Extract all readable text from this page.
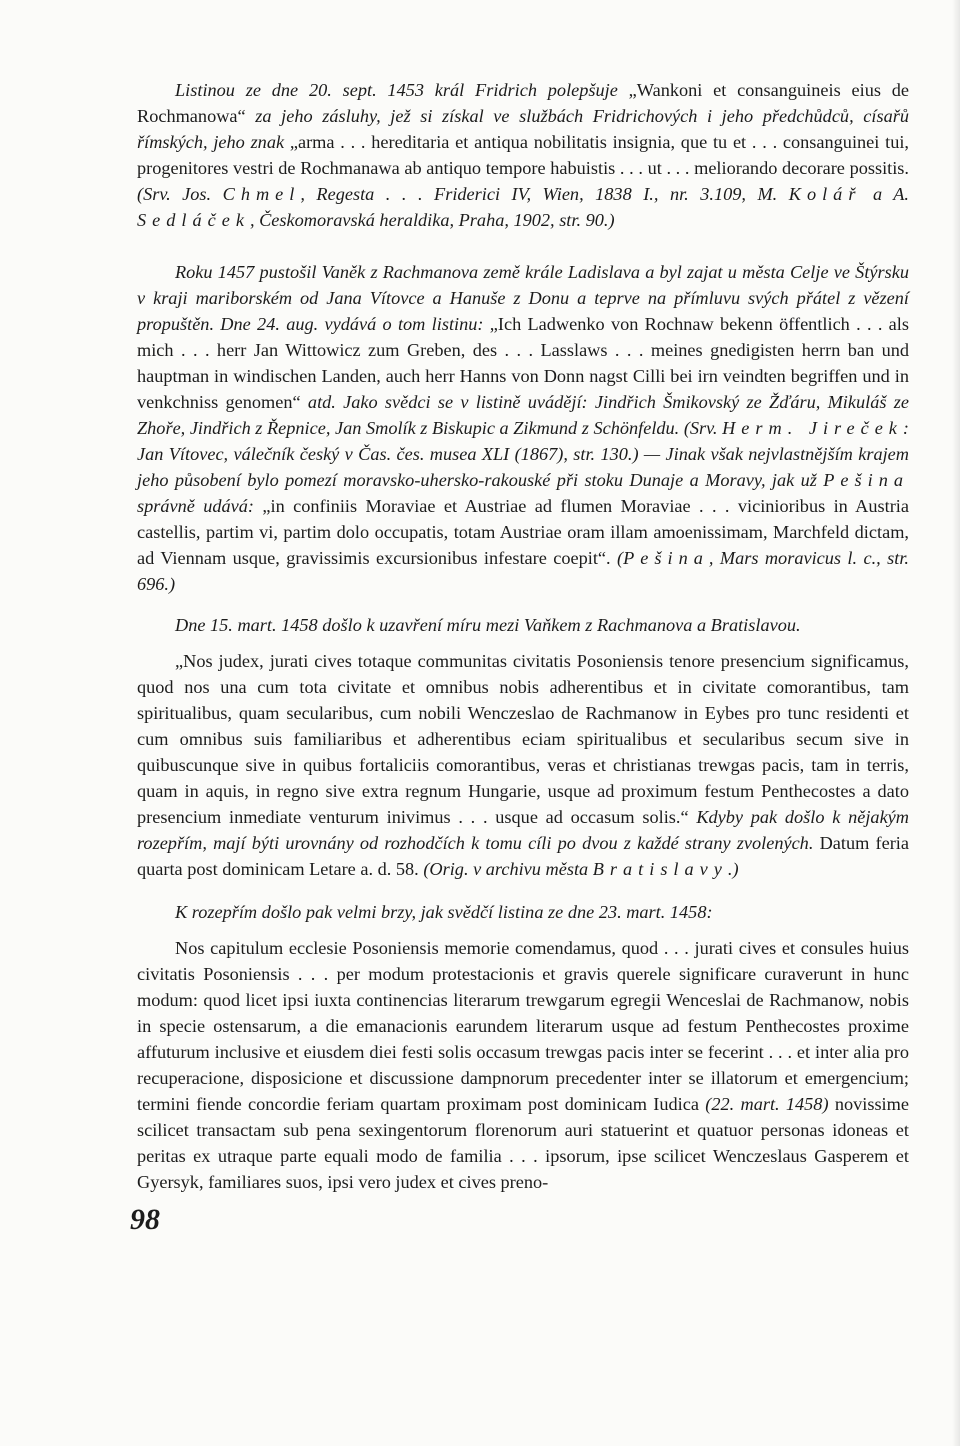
Listinou ze dne 20. sept. 1453 král Fridrich polepšuje „Wankoni et consanguineis eius de Rochmanowa“ za jeho zásluhy, jež si získal ve službách Fridrichových i jeho předchůdců, císařů římských, jeho znak „arma . . . hereditaria et antiqua nobilitatis insignia, que tu et . . . consanguinei tui, progenitores vestri de Rochmanawa ab antiquo tempore habuistis . . . ut . . . meliorando decorare possitis. (Srv. Jos. Chmel, Regesta . . . Friderici IV, Wien, 1838 I., nr. 3.109, M. Kolář a A. Sedláček, Českomoravská heraldika, Praha, 1902, str. 90.)

Roku 1457 pustošil Vaněk z Rachmanova země krále Ladislava a byl zajat u města Celje ve Štýrsku v kraji mariborském od Jana Vítovce a Hanuše z Donu a teprve na přímluvu svých přátel z vězení propuštěn. Dne 24. aug. vydává o tom listinu: „Ich Ladwenko von Rochnaw bekenn öffentlich . . . als mich . . . herr Jan Wittowicz zum Greben, des . . . Lasslaws . . . meines gnedigisten herrn ban und hauptman in windischen Landen, auch herr Hanns von Donn nagst Cilli bei irn veindten begriffen und in venkchniss genomen“ atd. Jako svědci se v listině uvádějí: Jindřich Šmikovský ze Žďáru, Mikuláš ze Zhoře, Jindřich z Řepnice, Jan Smolík z Biskupic a Zikmund z Schönfeldu. (Srv. Herm. Jireček: Jan Vítovec, válečník český v Čas. čes. musea XLI (1867), str. 130.) — Jinak však nejvlastnějším krajem jeho působení bylo pomezí moravsko-uhersko-rakouské při stoku Dunaje a Moravy, jak už Pešina správně udává: „in confiniis Moraviae et Austriae ad flumen Moraviae . . . vicinioribus in Austria castellis, partim vi, partim dolo occupatis, totam Austriae oram illam amoenissimam, Marchfeld dictam, ad Viennam usque, gravissimis excursionibus infestare coepit“. (Pešina, Mars moravicus l. c., str. 696.)

Dne 15. mart. 1458 došlo k uzavření míru mezi Vaňkem z Rachmanova a Bratislavou.

„Nos judex, jurati cives totaque communitas civitatis Posoniensis tenore presencium significamus, quod nos una cum tota civitate et omnibus nobis adherentibus et in civitate comorantibus, tam spiritualibus, quam secularibus, cum nobili Wenczeslao de Rachmanow in Eybes pro tunc residenti et cum omnibus suis familiaribus et adherentibus eciam spiritualibus et secularibus secum sive in quibuscunque sive in quibus fortaliciis comorantibus, veras et christianas trewgas pacis, tam in terris, quam in aquis, in regno sive extra regnum Hungarie, usque ad proximum festum Penthecostes a dato presencium inmediate venturum inivimus . . . usque ad occasum solis.“ Kdyby pak došlo k nějakým rozepřím, mají býti urovnány od rozhodčích k tomu cíli po dvou z každé strany zvolených. Datum feria quarta post dominicam Letare a. d. 58. (Orig. v archivu města Bratislavy.)

K rozepřím došlo pak velmi brzy, jak svědčí listina ze dne 23. mart. 1458:

Nos capitulum ecclesie Posoniensis memorie comendamus, quod . . . jurati cives et consules huius civitatis Posoniensis . . . per modum protestacionis et gravis querele significare curaverunt in hunc modum: quod licet ipsi iuxta continencias literarum trewgarum egregii Wenceslai de Rachmanow, nobis in specie ostensarum, a die emanacionis earundem literarum usque ad festum Penthecostes proxime affuturum inclusive et eiusdem diei festi solis occasum trewgas pacis inter se fecerint . . . et inter alia pro recuperacione, disposicione et discussione dampnorum precedenter inter se illatorum et emergencium; termini fiende concordie feriam quartam proximam post dominicam Iudica (22. mart. 1458) novissime scilicet transactam sub pena sexingentorum florenorum auri statuerint et quatuor personas idoneas et peritas ex utraque parte equali modo de familia . . . ipsorum, ipse scilicet Wenczeslaus Gasperem et Gyersyk, familiares suos, ipsi vero judex et cives preno-

98
